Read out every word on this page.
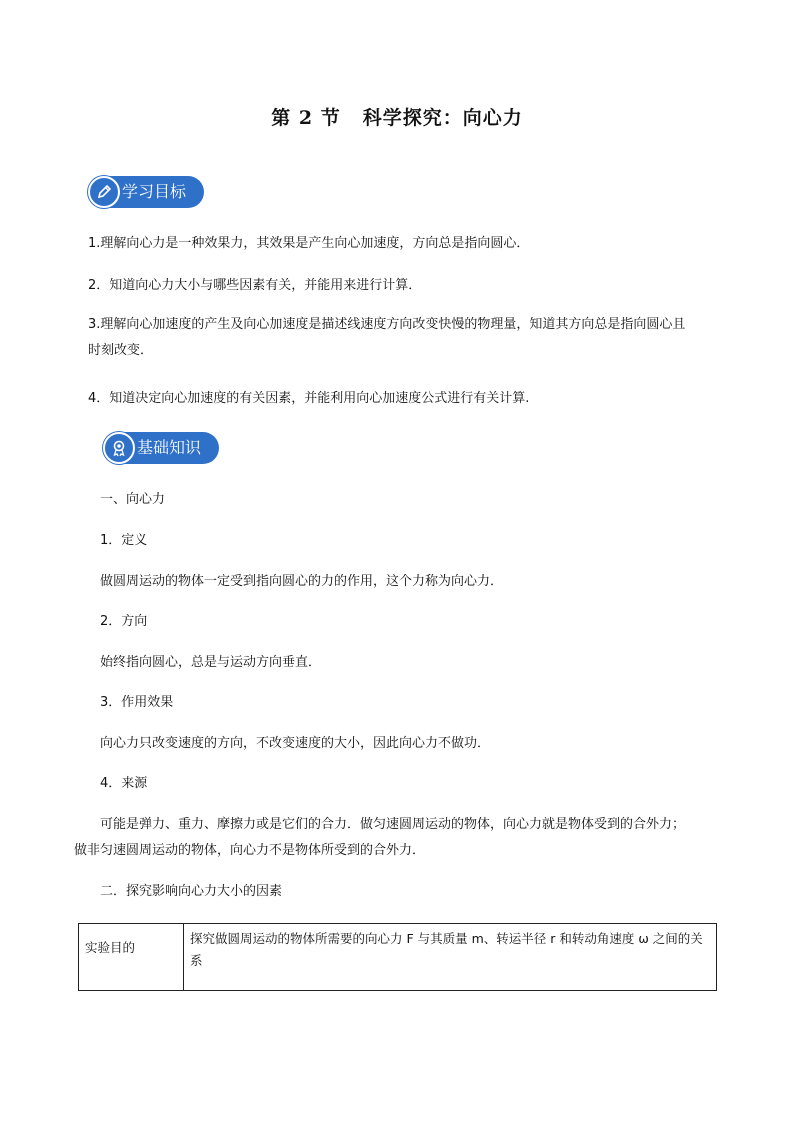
第 2 节 科学探究：向心力
学习目标
1.理解向心力是一种效果力，其效果是产生向心加速度，方向总是指向圆心．
2．知道向心力大小与哪些因素有关，并能用来进行计算．
3.理解向心加速度的产生及向心加速度是描述线速度方向改变快慢的物理量，知道其方向总是指向圆心且
时刻改变．
4．知道决定向心加速度的有关因素，并能利用向心加速度公式进行有关计算.
基础知识
一、向心力
1．定义
做圆周运动的物体一定受到指向圆心的力的作用，这个力称为向心力．
2．方向
始终指向圆心，总是与运动方向垂直．
3．作用效果
向心力只改变速度的方向，不改变速度的大小，因此向心力不做功．
4．来源
可能是弹力、重力、摩擦力或是它们的合力．做匀速圆周运动的物体，向心力就是物体受到的合外力；
做非匀速圆周运动的物体，向心力不是物体所受到的合外力．
二．探究影响向心力大小的因素
实验目的	探究做圆周运动的物体所需要的向心力 F 与其质量 m、转运半径 r 和转动角速度 ω 之间的关系
